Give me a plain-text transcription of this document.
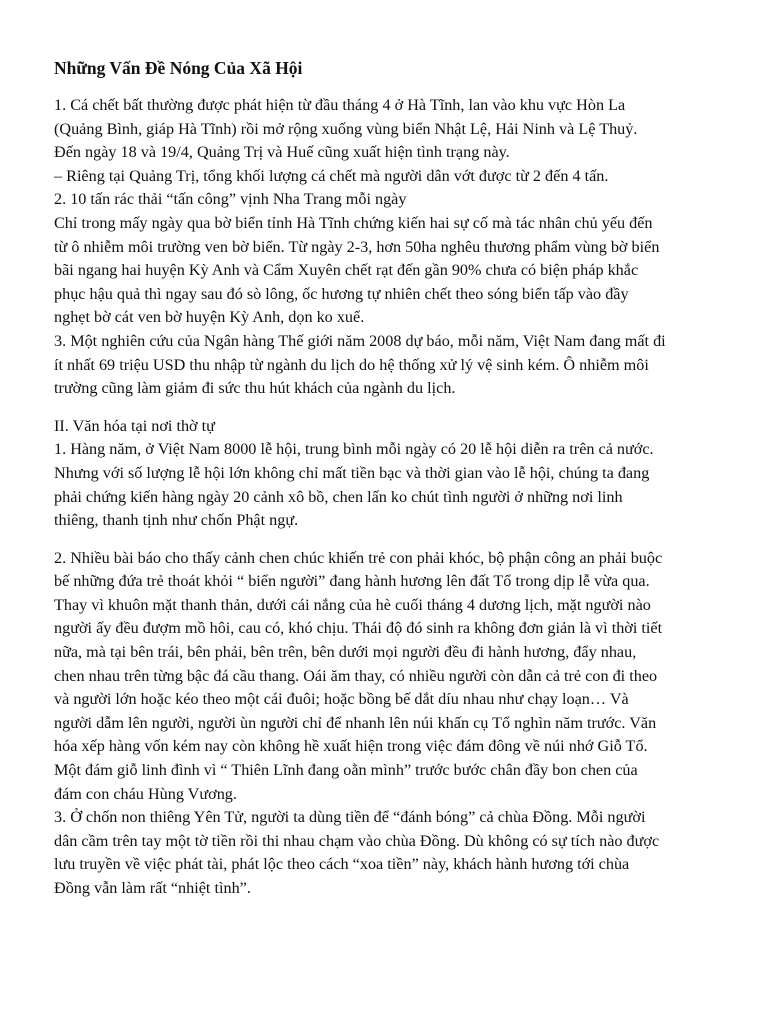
Những Vấn Đề Nóng Của Xã Hội
1. Cá chết bất thường được phát hiện từ đầu tháng 4 ở Hà Tĩnh, lan vào khu vực Hòn La
(Quảng Bình, giáp Hà Tĩnh) rồi mở rộng xuống vùng biển Nhật Lệ, Hải Ninh và Lệ Thuỷ.
Đến ngày 18 và 19/4, Quảng Trị và Huế cũng xuất hiện tình trạng này.
– Riêng tại Quảng Trị, tổng khối lượng cá chết mà người dân vớt được từ 2 đến 4 tấn.
2. 10 tấn rác thải “tấn công” vịnh Nha Trang mỗi ngày
Chỉ trong mấy ngày qua bờ biển tỉnh Hà Tĩnh chứng kiến hai sự cố mà tác nhân chủ yếu đến
từ ô nhiễm môi trường ven bờ biển. Từ ngày 2-3, hơn 50ha nghêu thương phẩm vùng bờ biển
bãi ngang hai huyện Kỳ Anh và Cẩm Xuyên chết rạt đến gần 90% chưa có biện pháp khắc
phục hậu quả thì ngay sau đó sò lông, ốc hương tự nhiên chết theo sóng biển tấp vào đầy
nghẹt bờ cát ven bờ huyện Kỳ Anh, dọn ko xuể.
3. Một nghiên cứu của Ngân hàng Thế giới năm 2008 dự báo, mỗi năm, Việt Nam đang mất đi
ít nhất 69 triệu USD thu nhập từ ngành du lịch do hệ thống xử lý vệ sinh kém. Ô nhiễm môi
trường cũng làm giảm đi sức thu hút khách của ngành du lịch.
II. Văn hóa tại nơi thờ tự
1. Hàng năm, ở Việt Nam 8000 lễ hội, trung bình mỗi ngày có 20 lễ hội diễn ra trên cả nước.
Nhưng với số lượng lễ hội lớn không chỉ mất tiền bạc và thời gian vào lễ hội, chúng ta đang
phải chứng kiến hàng ngày 20 cảnh xô bồ, chen lấn ko chút tình người ở những nơi linh
thiêng, thanh tịnh như chốn Phật ngự.
2. Nhiều bài báo cho thấy cảnh chen chúc khiến trẻ con phải khóc, bộ phận công an phải buộc
bế những đứa trẻ thoát khỏi “ biển người” đang hành hương lên đất Tổ trong dịp lễ vừa qua.
Thay vì khuôn mặt thanh thản, dưới cái nắng của hè cuối tháng 4 dương lịch, mặt người nào
người ấy đều đượm mồ hôi, cau có, khó chịu. Thái độ đó sinh ra không đơn giản là vì thời tiết
nữa, mà tại bên trái, bên phải, bên trên, bên dưới mọi người đều đi hành hương, đẩy nhau,
chen nhau trên từng bậc đá cầu thang. Oái ăm thay, có nhiều người còn dẫn cả trẻ con đi theo
và người lớn hoặc kéo theo một cái đuôi; hoặc bồng bế dắt díu nhau như chạy loạn… Và
người dẫm lên người, người ùn người chỉ để nhanh lên núi khấn cụ Tổ nghìn năm trước. Văn
hóa xếp hàng vốn kém nay còn không hề xuất hiện trong việc đám đông về núi nhớ Giỗ Tổ.
Một đám giỗ linh đình vì “ Thiên Lĩnh đang oằn mình” trước bước chân đầy bon chen của
đám con cháu Hùng Vương.
3. Ở chốn non thiêng Yên Tử, người ta dùng tiền để “đánh bóng” cả chùa Đồng. Mỗi người
dân cầm trên tay một tờ tiền rồi thi nhau chạm vào chùa Đồng. Dù không có sự tích nào được
lưu truyền về việc phát tài, phát lộc theo cách “xoa tiền” này, khách hành hương tới chùa
Đồng vẫn làm rất “nhiệt tình”.
